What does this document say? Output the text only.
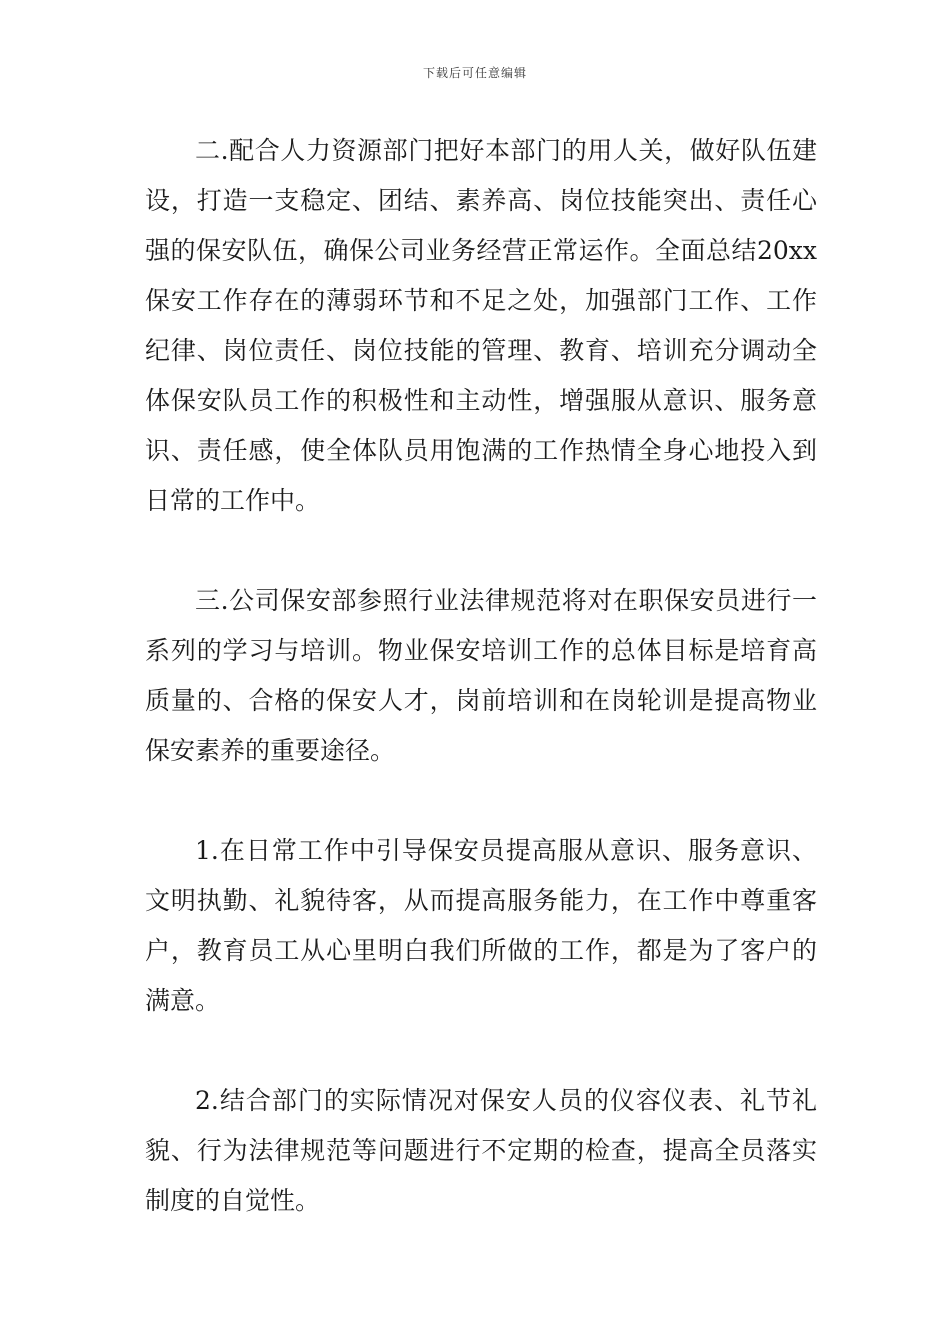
下载后可任意编辑

二.配合人力资源部门把好本部门的用人关，做好队伍建设，打造一支稳定、团结、素养高、岗位技能突出、责任心强的保安队伍，确保公司业务经营正常运作。全面总结20xx保安工作存在的薄弱环节和不足之处，加强部门工作、工作纪律、岗位责任、岗位技能的管理、教育、培训充分调动全体保安队员工作的积极性和主动性，增强服从意识、服务意识、责任感，使全体队员用饱满的工作热情全身心地投入到日常的工作中。

三.公司保安部参照行业法律规范将对在职保安员进行一系列的学习与培训。物业保安培训工作的总体目标是培育高质量的、合格的保安人才，岗前培训和在岗轮训是提高物业保安素养的重要途径。

1.在日常工作中引导保安员提高服从意识、服务意识、文明执勤、礼貌待客，从而提高服务能力，在工作中尊重客户，教育员工从心里明白我们所做的工作，都是为了客户的满意。

2.结合部门的实际情况对保安人员的仪容仪表、礼节礼貌、行为法律规范等问题进行不定期的检查，提高全员落实制度的自觉性。
